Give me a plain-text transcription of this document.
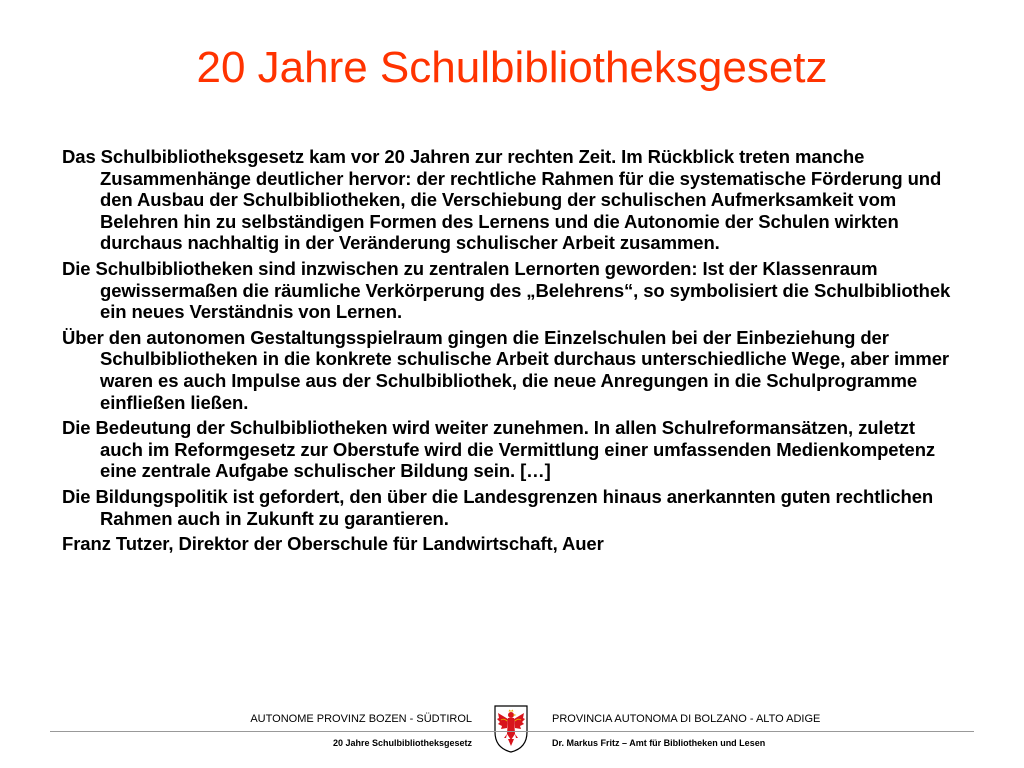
20 Jahre Schulbibliotheksgesetz

Das Schulbibliotheksgesetz kam vor 20 Jahren zur rechten Zeit. Im Rückblick treten manche Zusammenhänge deutlicher hervor: der rechtliche Rahmen für die systematische Förderung und den Ausbau der Schulbibliotheken, die Verschiebung der schulischen Aufmerksamkeit vom Belehren hin zu selbständigen Formen des Lernens und die Autonomie der Schulen wirkten durchaus nachhaltig in der Veränderung schulischer Arbeit zusammen.

Die Schulbibliotheken sind inzwischen zu zentralen Lernorten geworden: Ist der Klassenraum gewissermaßen die räumliche Verkörperung des „Belehrens“, so symbolisiert die Schulbibliothek ein neues Verständnis von Lernen.

Über den autonomen Gestaltungsspielraum gingen die Einzelschulen bei der Einbeziehung der Schulbibliotheken in die konkrete schulische Arbeit durchaus unterschiedliche Wege, aber immer waren es auch Impulse aus der Schulbibliothek, die neue Anregungen in die Schulprogramme einfließen ließen.

Die Bedeutung der Schulbibliotheken wird weiter zunehmen. In allen Schulreformansätzen, zuletzt auch im Reformgesetz zur Oberstufe wird die Vermittlung einer umfassenden Medienkompetenz eine zentrale Aufgabe schulischer Bildung sein. […]

Die Bildungspolitik ist gefordert, den über die Landesgrenzen hinaus anerkannten guten rechtlichen Rahmen auch in Zukunft zu garantieren.

Franz Tutzer, Direktor der Oberschule für Landwirtschaft, Auer

AUTONOME PROVINZ BOZEN - SÜDTIROL	PROVINCIA AUTONOMA DI BOLZANO - ALTO ADIGE
20 Jahre Schulbibliotheksgesetz	Dr. Markus Fritz – Amt für Bibliotheken und Lesen
